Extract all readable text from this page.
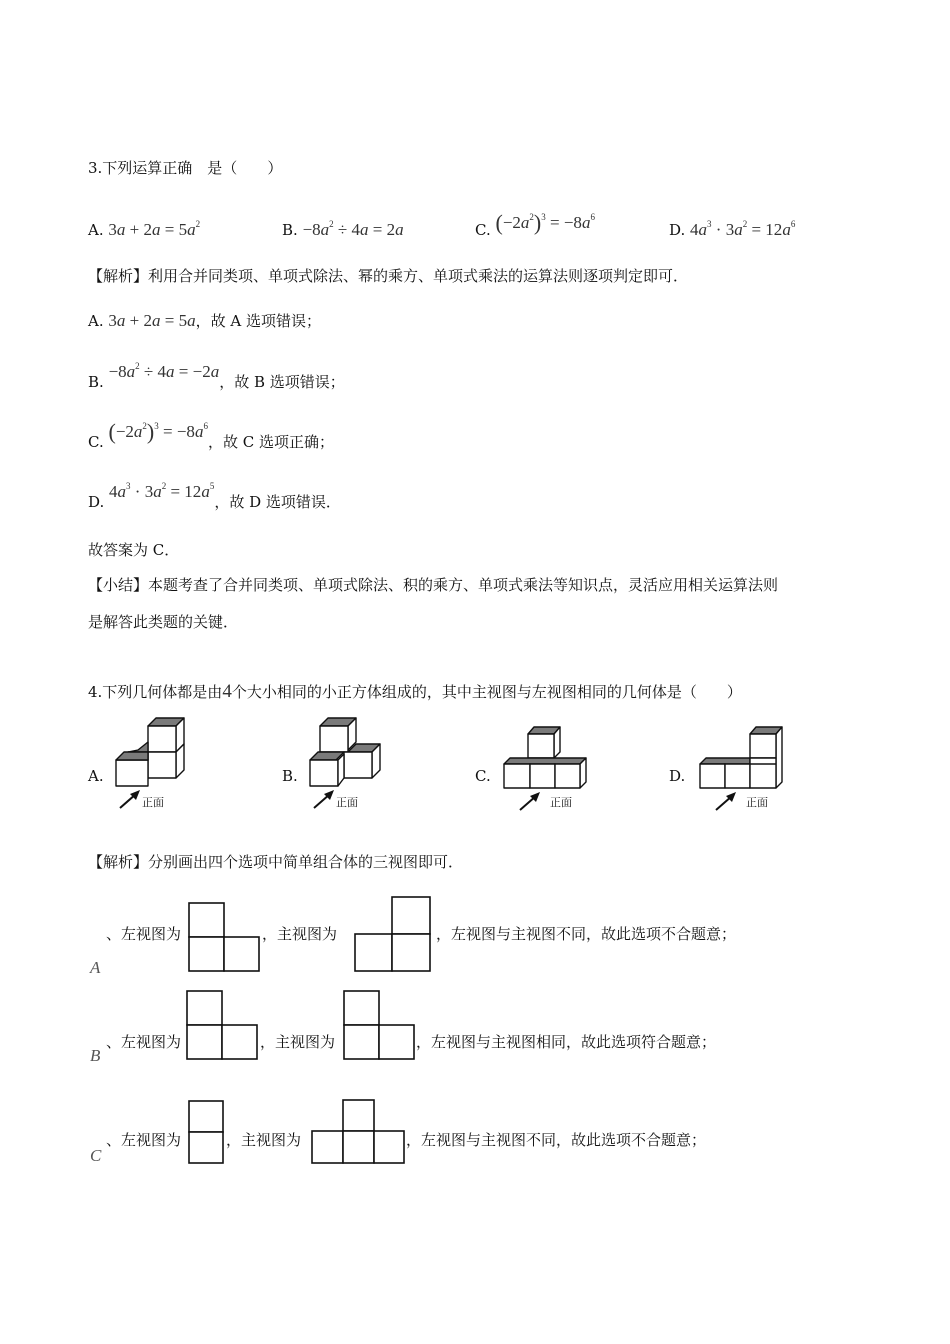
3.下列运算正确　是（　　）
A. $3a + 2a = 5a^2$	B. $-8a^2 \div 4a = 2a$	C. $(-2a^2)^3 = -8a^6$
D. $4a^3 \cdot 3a^2 = 12a^6$
【解析】利用合并同类项、单项式除法、幂的乘方、单项式乘法的运算法则逐项判定即可．
A. 3a + 2a = 5a，故 A 选项错误；
B. $-8a^2 \div 4a = -2a$，故 B 选项错误；
C. $(-2a^2)^3 = -8a^6$，故 C 选项正确；
D. $4a^3 \cdot 3a^2 = 12a^5$，故 D 选项错误．
故答案为 C．
【小结】本题考查了合并同类项、单项式除法、积的乘方、单项式乘法等知识点，灵活应用相关运算法则
是解答此类题的关键．
4.下列几何体都是由4个大小相同的小正方体组成的，其中主视图与左视图相同的几何体是（　　）
A.	B.	C.	D.
正面	正面	正面	正面
【解析】分别画出四个选项中简单组合体的三视图即可．
A
、左视图为	，主视图为	，左视图与主视图不同，故此选项不合题意；
B
、左视图为	，主视图为	，左视图与主视图相同，故此选项符合题意；
C
、左视图为	，主视图为	，左视图与主视图不同，故此选项不合题意；
